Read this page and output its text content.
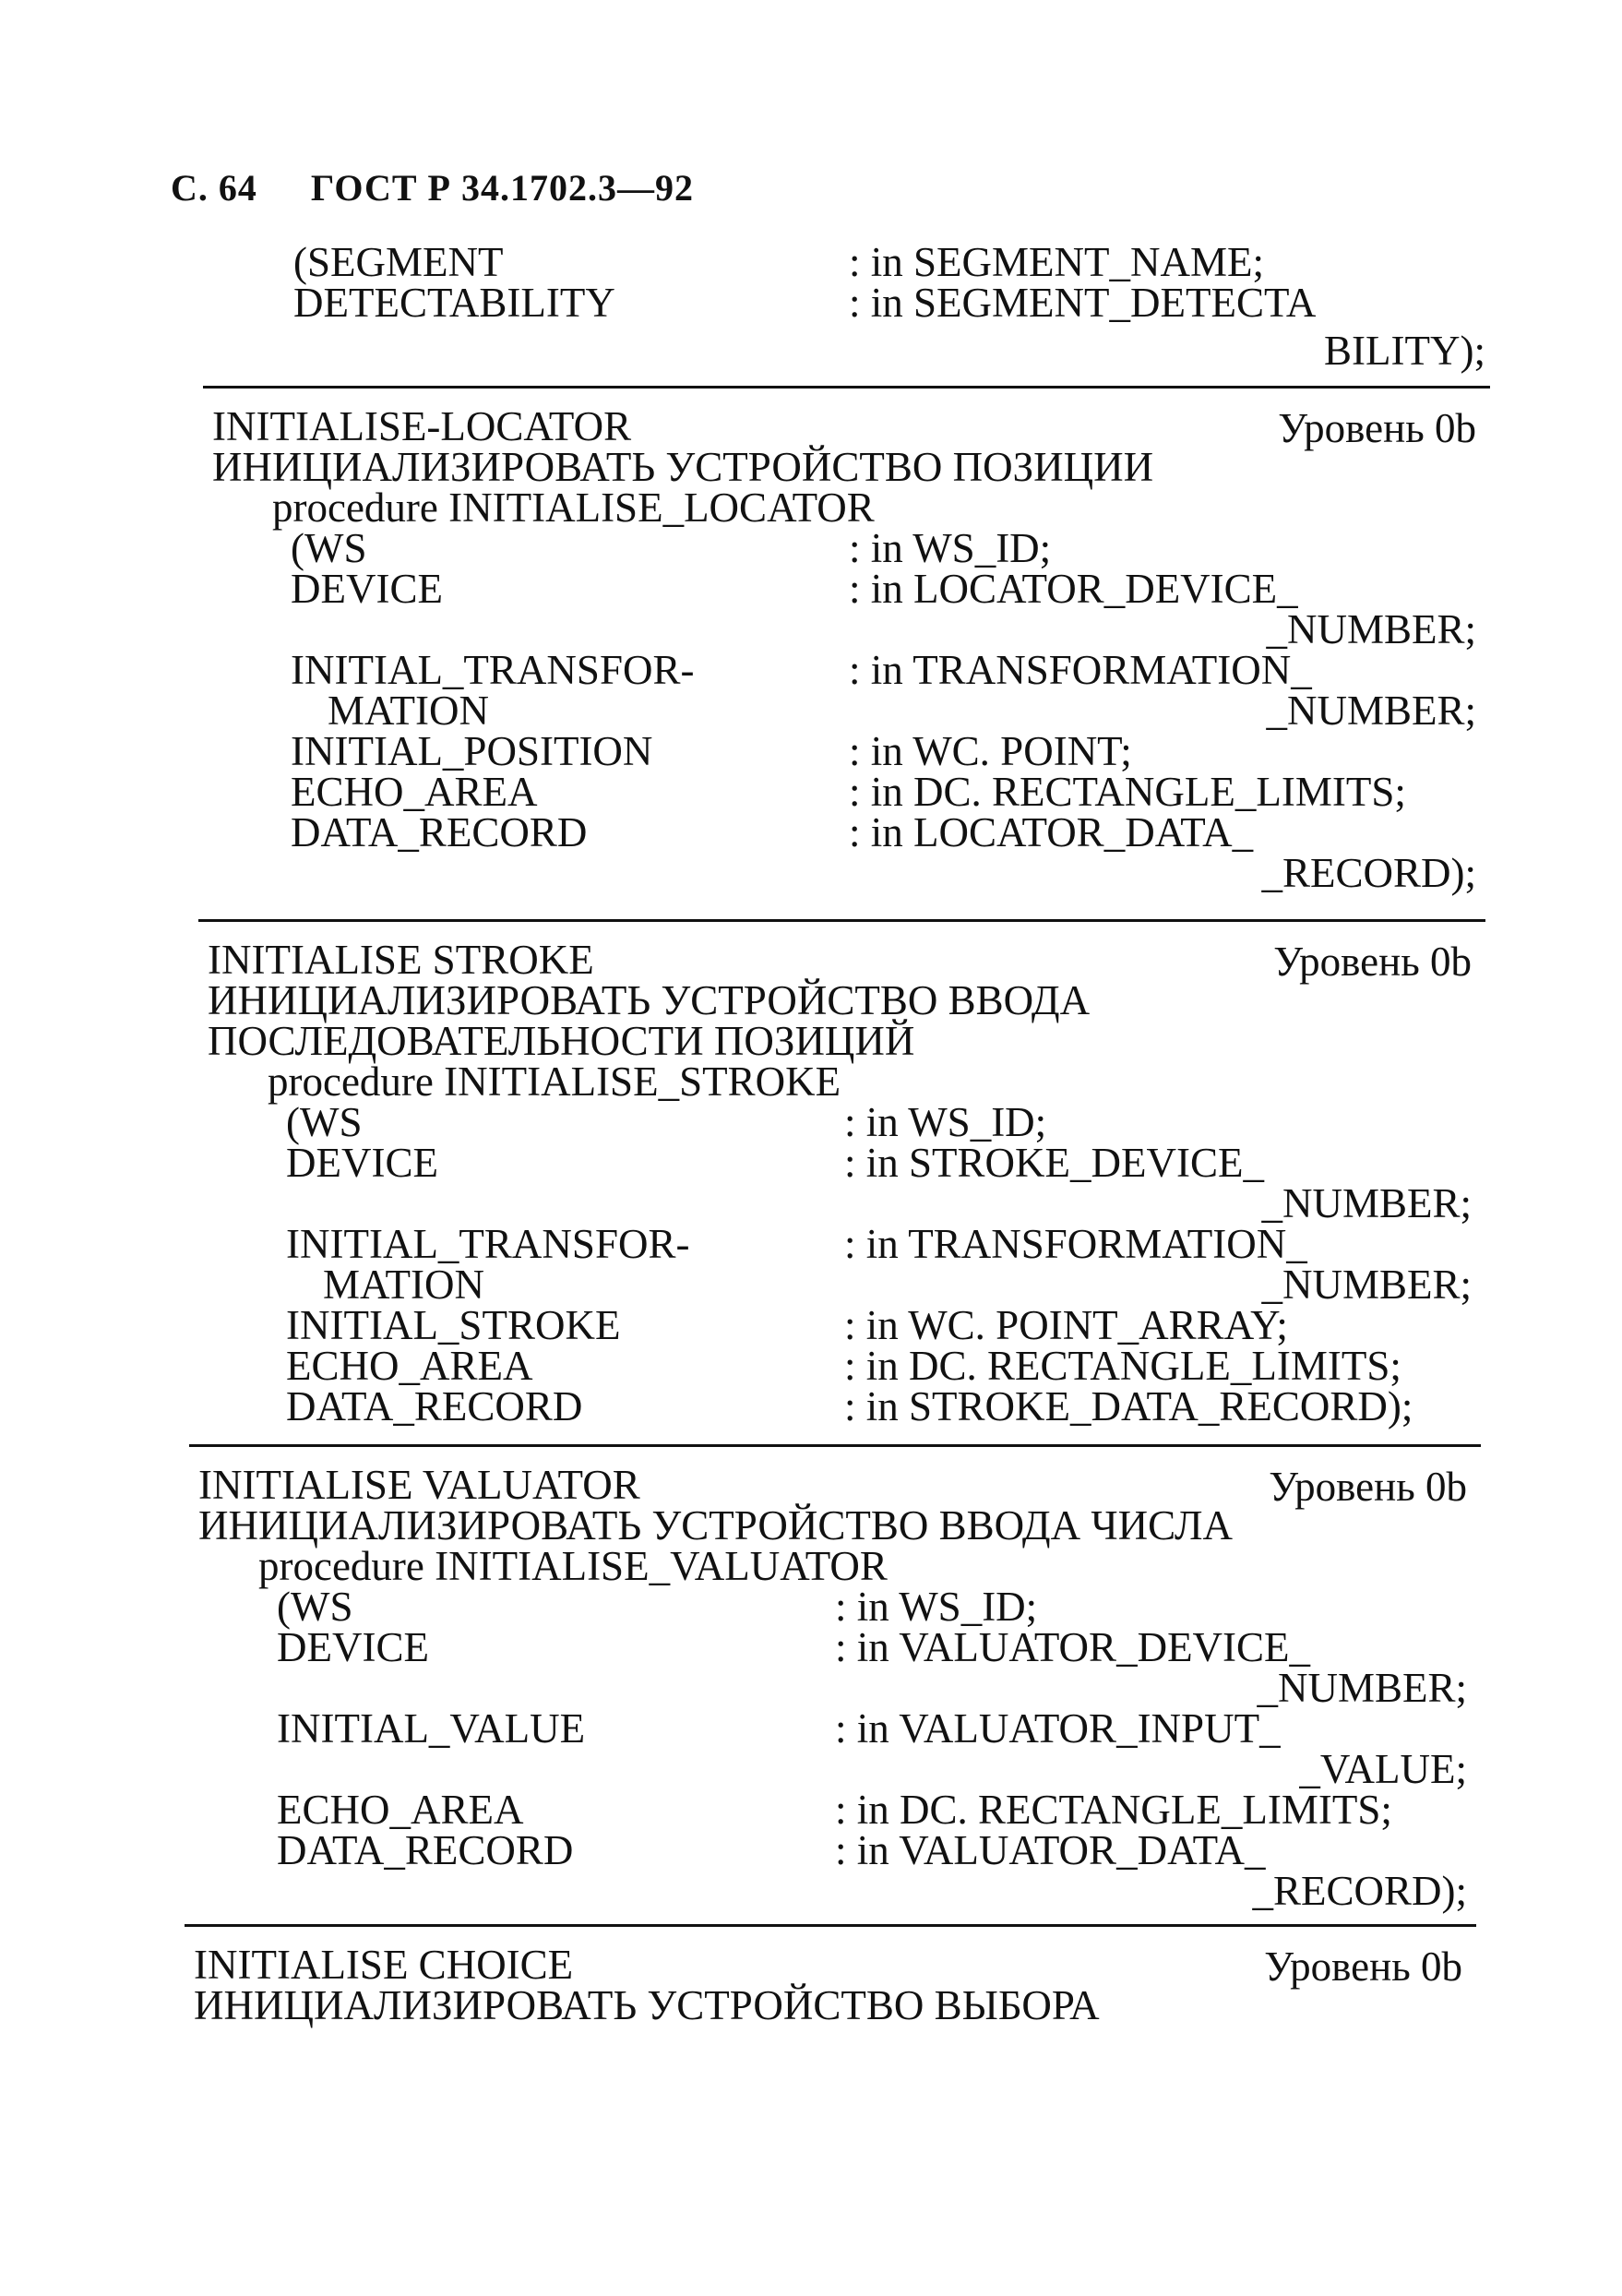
С. 64 ГОСТ Р 34.1702.3—92
(SEGMENT	: in SEGMENT_NAME;
DETECTABILITY	: in SEGMENT_DETECTA
BILITY);
INITIALISE-LOCATOR	Уровень 0b
ИНИЦИАЛИЗИРОВАТЬ УСТРОЙСТВО ПОЗИЦИИ
procedure INITIALISE_LOCATOR
(WS	: in WS_ID;
DEVICE	: in LOCATOR_DEVICE_
_NUMBER;
INITIAL_TRANSFOR-	: in TRANSFORMATION_
MATION	_NUMBER;
INITIAL_POSITION	: in WC. POINT;
ECHO_AREA	: in DC. RECTANGLE_LIMITS;
DATA_RECORD	: in LOCATOR_DATA_
_RECORD);
INITIALISE STROKE	Уровень 0b
ИНИЦИАЛИЗИРОВАТЬ УСТРОЙСТВО ВВОДА
ПОСЛЕДОВАТЕЛЬНОСТИ ПОЗИЦИЙ
procedure INITIALISE_STROKE
(WS	: in WS_ID;
DEVICE	: in STROKE_DEVICE_
_NUMBER;
INITIAL_TRANSFOR-	: in TRANSFORMATION_
MATION	_NUMBER;
INITIAL_STROKE	: in WC. POINT_ARRAY;
ECHO_AREA	: in DC. RECTANGLE_LIMITS;
DATA_RECORD	: in STROKE_DATA_RECORD);
INITIALISE VALUATOR	Уровень 0b
ИНИЦИАЛИЗИРОВАТЬ УСТРОЙСТВО ВВОДА ЧИСЛА
procedure INITIALISE_VALUATOR
(WS	: in WS_ID;
DEVICE	: in VALUATOR_DEVICE_
_NUMBER;
INITIAL_VALUE	: in VALUATOR_INPUT_
_VALUE;
ECHO_AREA	: in DC. RECTANGLE_LIMITS;
DATA_RECORD	: in VALUATOR_DATA_
_RECORD);
INITIALISE CHOICE	Уровень 0b
ИНИЦИАЛИЗИРОВАТЬ УСТРОЙСТВО ВЫБОРА
